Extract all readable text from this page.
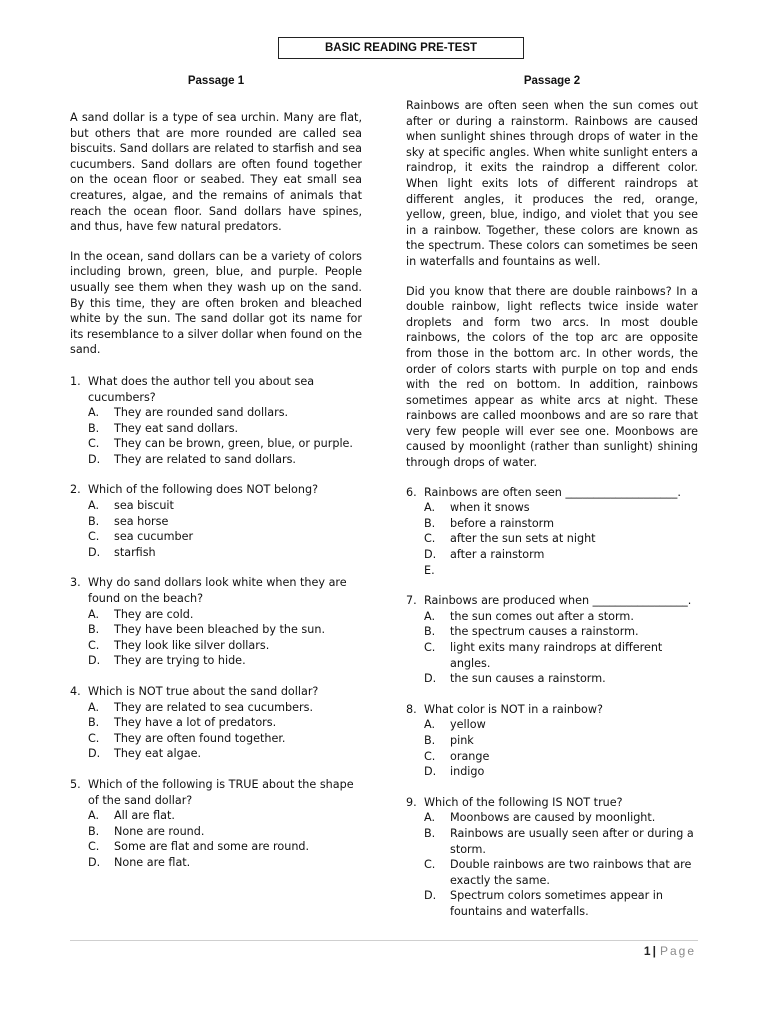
BASIC READING PRE-TEST
Passage 1

A sand dollar is a type of sea urchin. Many are flat, but others that are more rounded are called sea biscuits. Sand dollars are related to starfish and sea cucumbers. Sand dollars are often found together on the ocean floor or seabed. They eat small sea creatures, algae, and the remains of animals that reach the ocean floor. Sand dollars have spines, and thus, have few natural predators.

In the ocean, sand dollars can be a variety of colors including brown, green, blue, and purple. People usually see them when they wash up on the sand. By this time, they are often broken and bleached white by the sun. The sand dollar got its name for its resemblance to a silver dollar when found on the sand.

1. What does the author tell you about sea cucumbers?
A.	They are rounded sand dollars.
B.	They eat sand dollars.
C.	They can be brown, green, blue, or purple.
D.	They are related to sand dollars.
2. Which of the following does NOT belong?
A.	sea biscuit
B.	sea horse
C.	sea cucumber
D.	starfish
3. Why do sand dollars look white when they are found on the beach?
A.	They are cold.
B.	They have been bleached by the sun.
C.	They look like silver dollars.
D.	They are trying to hide.
4. Which is NOT true about the sand dollar?
A.	They are related to sea cucumbers.
B.	They have a lot of predators.
C.	They are often found together.
D.	They eat algae.
5. Which of the following is TRUE about the shape of the sand dollar?
A.	All are flat.
B.	None are round.
C.	Some are flat and some are round.
D.	None are flat.
Passage 2

Rainbows are often seen when the sun comes out after or during a rainstorm. Rainbows are caused when sunlight shines through drops of water in the sky at specific angles. When white sunlight enters a raindrop, it exits the raindrop a different color. When light exits lots of different raindrops at different angles, it produces the red, orange, yellow, green, blue, indigo, and violet that you see in a rainbow. Together, these colors are known as the spectrum. These colors can sometimes be seen in waterfalls and fountains as well.

Did you know that there are double rainbows? In a double rainbow, light reflects twice inside water droplets and form two arcs. In most double rainbows, the colors of the top arc are opposite from those in the bottom arc. In other words, the order of colors starts with purple on top and ends with the red on bottom. In addition, rainbows sometimes appear as white arcs at night. These rainbows are called moonbows and are so rare that very few people will ever see one. Moonbows are caused by moonlight (rather than sunlight) shining through drops of water.

6. Rainbows are often seen ____________________.
A.	when it snows
B.	before a rainstorm
C.	after the sun sets at night
D.	after a rainstorm
E.
7. Rainbows are produced when _________________.
A.	the sun comes out after a storm.
B.	the spectrum causes a rainstorm.
C.	light exits many raindrops at different angles.
D.	the sun causes a rainstorm.
8. What color is NOT in a rainbow?
A.	yellow
B.	pink
C.	orange
D.	indigo
9. Which of the following IS NOT true?
A.	Moonbows are caused by moonlight.
B.	Rainbows are usually seen after or during a storm.
C.	Double rainbows are two rainbows that are exactly the same.
D.	Spectrum colors sometimes appear in fountains and waterfalls.
1 | Page
